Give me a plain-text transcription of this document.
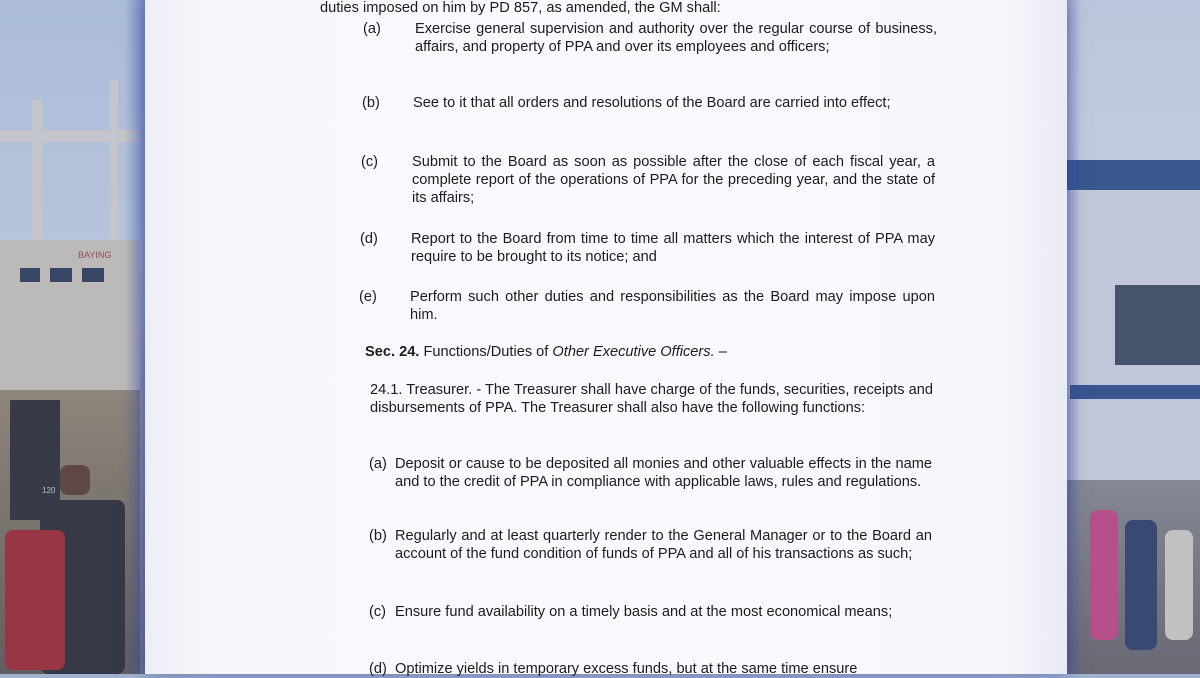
BAYING
120

duties imposed on him by PD 857, as amended, the GM shall:

(a) Exercise general supervision and authority over the regular course of business, affairs, and property of PPA and over its employees and officers;

(b) See to it that all orders and resolutions of the Board are carried into effect;

(c) Submit to the Board as soon as possible after the close of each fiscal year, a complete report of the operations of PPA for the preceding year, and the state of its affairs;

(d) Report to the Board from time to time all matters which the interest of PPA may require to be brought to its notice; and

(e) Perform such other duties and responsibilities as the Board may impose upon him.

Sec. 24. Functions/Duties of Other Executive Officers. –

24.1. Treasurer. - The Treasurer shall have charge of the funds, securities, receipts and disbursements of PPA. The Treasurer shall also have the following functions:

(a) Deposit or cause to be deposited all monies and other valuable effects in the name and to the credit of PPA in compliance with applicable laws, rules and regulations.

(b) Regularly and at least quarterly render to the General Manager or to the Board an account of the fund condition of funds of PPA and all of his transactions as such;

(c) Ensure fund availability on a timely basis and at the most economical means;

(d) Optimize yields in temporary excess funds, but at the same time ensure
